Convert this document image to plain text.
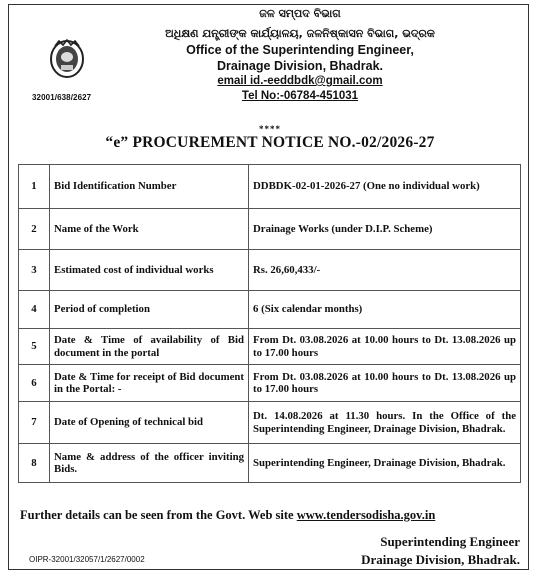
32001/638/2627

ଜଳ ସମ୍ପଦ ବିଭାଗ

ଅଧିକ୍ଷଣ ଯନ୍ତ୍ରୀଙ୍କ କାର୍ଯ୍ୟାଳୟ, ଜଳନିଷ୍କାସନ ବିଭାଗ, ଭଦ୍ରକ

Office of the Superintending Engineer,

Drainage Division, Bhadrak.

email id.-eeddbdk@gmail.com

Tel No:-06784-451031

****
“e” PROCUREMENT NOTICE NO.-02/2026-27
1	Bid Identification Number	DDBDK-02-01-2026-27 (One no individual work)
2	Name of the Work	Drainage Works (under D.I.P. Scheme)
3	Estimated cost of individual works	Rs. 26,60,433/-
4	Period of completion	6 (Six calendar months)
5	Date & Time of availability of Bid document in the portal	From Dt. 03.08.2026 at 10.00 hours to Dt. 13.08.2026 up to 17.00 hours
6	Date & Time for receipt of Bid document in the Portal: -	From Dt. 03.08.2026 at 10.00 hours to Dt. 13.08.2026 up to 17.00 hours
7	Date of Opening of technical bid	Dt. 14.08.2026 at 11.30 hours. In the Office of the Superintending Engineer, Drainage Division, Bhadrak.
8	Name & address of the officer inviting Bids.	Superintending Engineer, Drainage Division, Bhadrak.
Further details can be seen from the Govt. Web site www.tendersodisha.gov.in
OIPR-32001/32057/1/2627/0002
Superintending Engineer
Drainage Division, Bhadrak.
